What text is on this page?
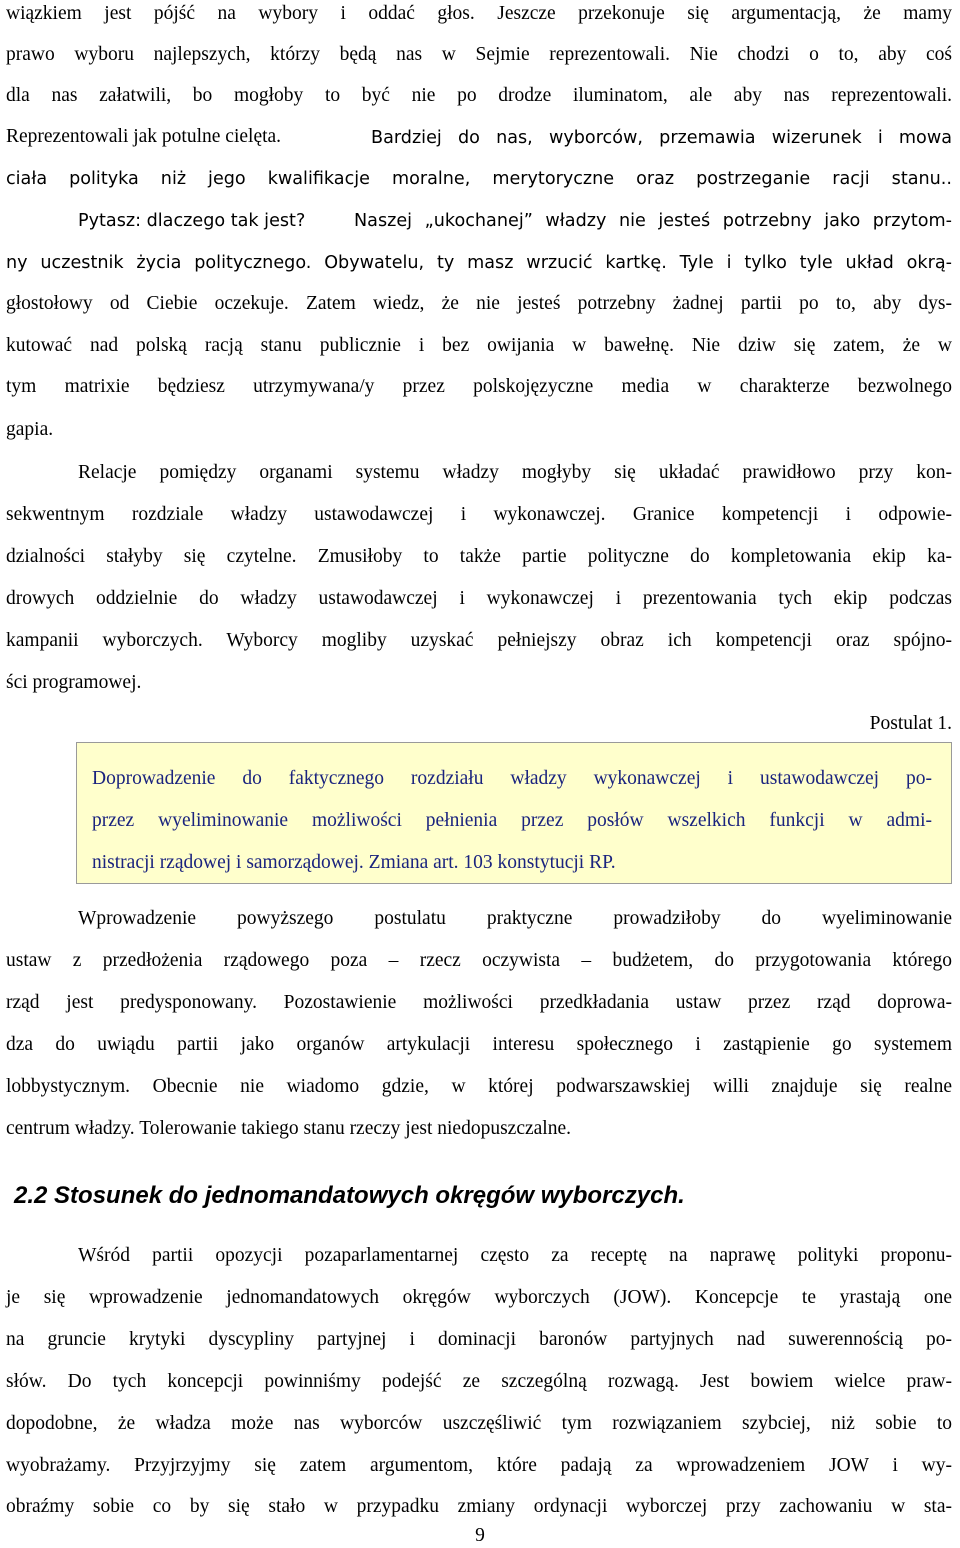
wiązkiem jest pójść na wybory i oddać głos. Jeszcze przekonuje się argumentacją, że mamy
prawo wyboru najlepszych, którzy będą nas w Sejmie reprezentowali. Nie chodzi o to, aby coś
dla nas załatwili, bo mogłoby to być nie po drodze iluminatom, ale aby nas reprezentowali.
Reprezentowali jak potulne cielęta.	Bardziej do nas, wyborców, przemawia wizerunek i mowa
ciała polityka niż jego kwalifikacje moralne, merytoryczne oraz postrzeganie racji stanu..
Pytasz: dlaczego tak jest?	Naszej „ukochanej” władzy nie jesteś potrzebny jako przytom-
ny uczestnik życia politycznego. Obywatelu, ty masz wrzucić kartkę. Tyle i tylko tyle układ okrą-
głostołowy od Ciebie oczekuje. Zatem wiedz, że nie jesteś potrzebny żadnej partii po to, aby dys-
kutować nad polską racją stanu publicznie i bez owijania w bawełnę. Nie dziw się zatem, że w
tym matrixie będziesz utrzymywana/y przez polskojęzyczne media w charakterze bezwolnego
gapia.
Relacje pomiędzy organami systemu władzy mogłyby się układać prawidłowo przy kon-
sekwentnym rozdziale władzy ustawodawczej i wykonawczej. Granice kompetencji i odpowie-
dzialności stałyby się czytelne. Zmusiłoby to także partie polityczne do kompletowania ekip ka-
drowych oddzielnie do władzy ustawodawczej i wykonawczej i prezentowania tych ekip podczas
kampanii wyborczych. Wyborcy mogliby uzyskać pełniejszy obraz ich kompetencji oraz spójno-
ści programowej.
Postulat 1.
Doprowadzenie do faktycznego rozdziału władzy wykonawczej i ustawodawczej po-
przez wyeliminowanie możliwości pełnienia przez posłów wszelkich funkcji w admi-
nistracji rządowej i samorządowej. Zmiana art. 103 konstytucji RP.
Wprowadzenie powyższego postulatu praktyczne prowadziłoby do wyeliminowanie
ustaw z przedłożenia rządowego poza – rzecz oczywista – budżetem, do przygotowania którego
rząd jest predysponowany. Pozostawienie możliwości przedkładania ustaw przez rząd doprowa-
dza do uwiądu partii jako organów artykulacji interesu społecznego i zastąpienie go systemem
lobbystycznym. Obecnie nie wiadomo gdzie, w której podwarszawskiej willi znajduje się realne
centrum władzy. Tolerowanie takiego stanu rzeczy jest niedopuszczalne.
2.2 Stosunek do jednomandatowych okręgów wyborczych.
Wśród partii opozycji pozaparlamentarnej często za receptę na naprawę polityki proponu-
je się wprowadzenie jednomandatowych okręgów wyborczych (JOW). Koncepcje te yrastają one
na gruncie krytyki dyscypliny partyjnej i dominacji baronów partyjnych nad suwerennością po-
słów. Do tych koncepcji powinniśmy podejść ze szczególną rozwagą. Jest bowiem wielce praw-
dopodobne, że władza może nas wyborców uszczęśliwić tym rozwiązaniem szybciej, niż sobie to
wyobrażamy. Przyjrzyjmy się zatem argumentom, które padają za wprowadzeniem JOW i wy-
obraźmy sobie co by się stało w przypadku zmiany ordynacji wyborczej przy zachowaniu w sta-
9
